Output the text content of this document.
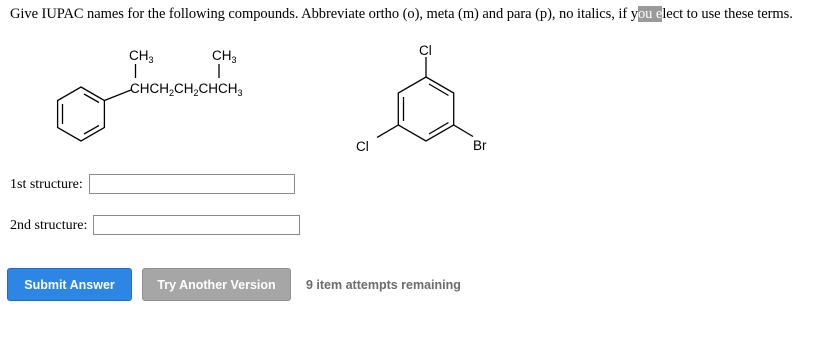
Give IUPAC names for the following compounds. Abbreviate ortho (o), meta (m) and para (p), no italics, if you elect to use these terms.
$CH_3$	$CH_3$
$CHCH_2CH_2CHCH_3$
Cl
Cl	Br
1st structure:
2nd structure:
Submit Answer	Try Another Version	9 item attempts remaining
